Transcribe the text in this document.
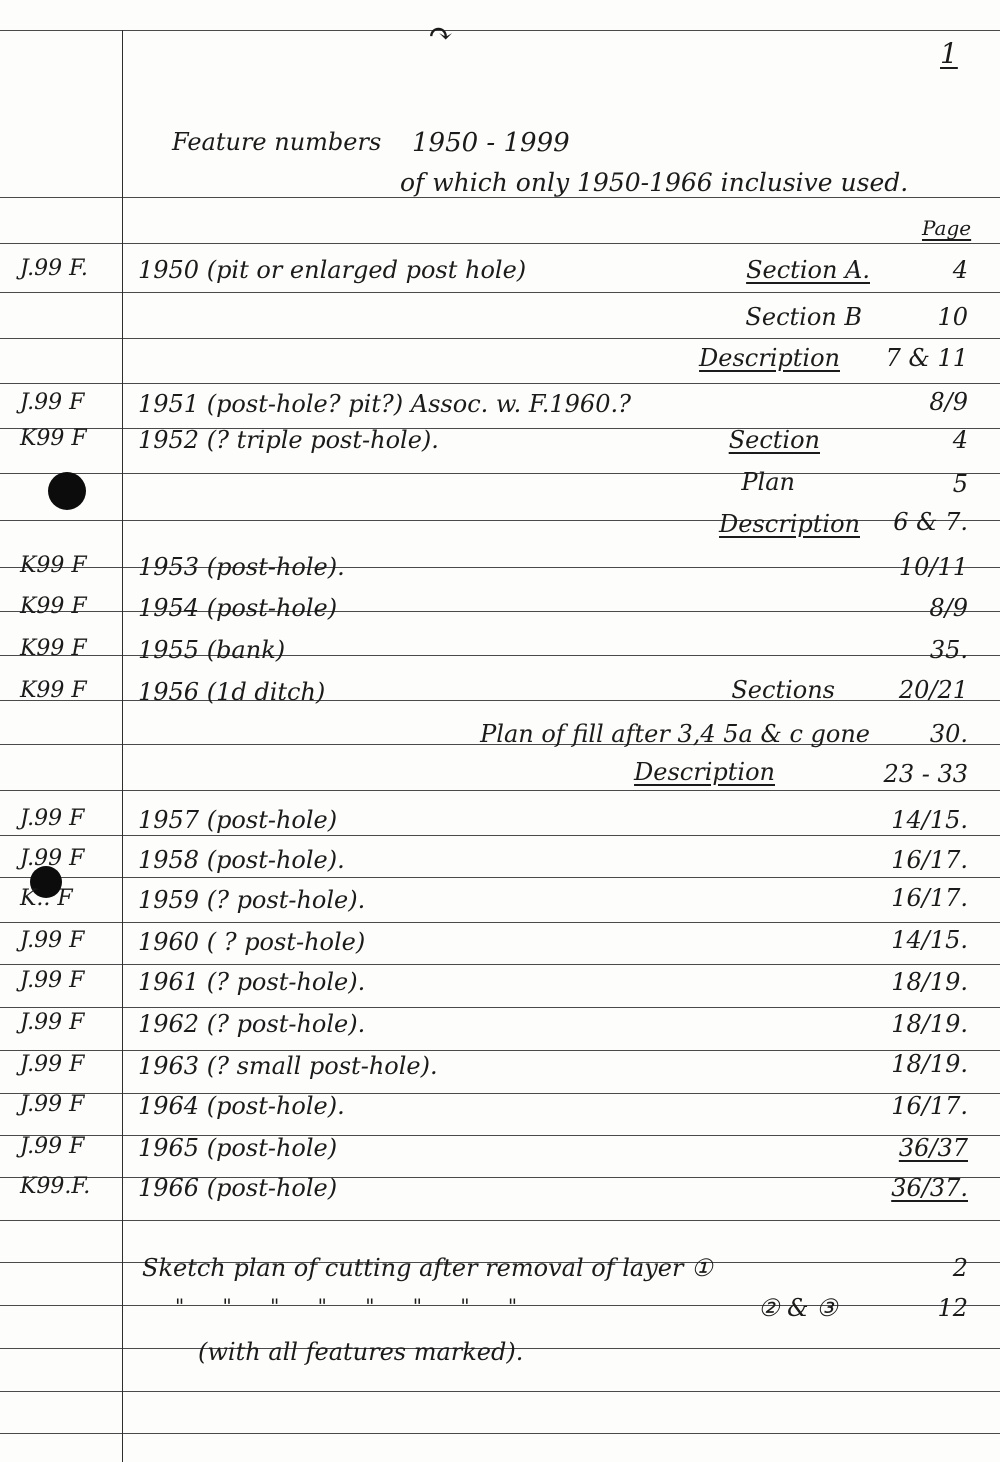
↷
1
Feature numbers 1950 - 1999
of which only 1950-1966 inclusive used.
Page
J.99 F. 1950 (pit or enlarged post hole)	Section A.	4
Section B	10
Description 7 & 11
J.99 F 1951 (post-hole? pit?) Assoc. w. F.1960.?	8/9
K99 F 1952 (? triple post-hole).	Section	4
Plan	5
Description 6 & 7.
K99 F 1953 (post-hole).	10/11
K99 F 1954 (post-hole)	8/9
K99 F 1955 (bank)	35.
K99 F 1956 (1d ditch)	Sections	20/21
Plan of fill after 3,4 5a & c gone 30.
Description	23 - 33
J.99 F 1957 (post-hole)	14/15.
J.99 F 1958 (post-hole).	16/17.
K.. F	1959 (? post-hole).	16/17.
J.99 F 1960 ( ? post-hole)	14/15.
J.99 F 1961 (? post-hole).	18/19.
J.99 F 1962 (? post-hole).	18/19.
J.99 F 1963 (? small post-hole).	18/19.
J.99 F 1964 (post-hole).	16/17.
J.99 F 1965 (post-hole)	36/37
K99.F. 1966 (post-hole)	36/37.
Sketch plan of cutting after removal of layer ①	2
" " " " " " " "	② & ③	12
(with all features marked).
